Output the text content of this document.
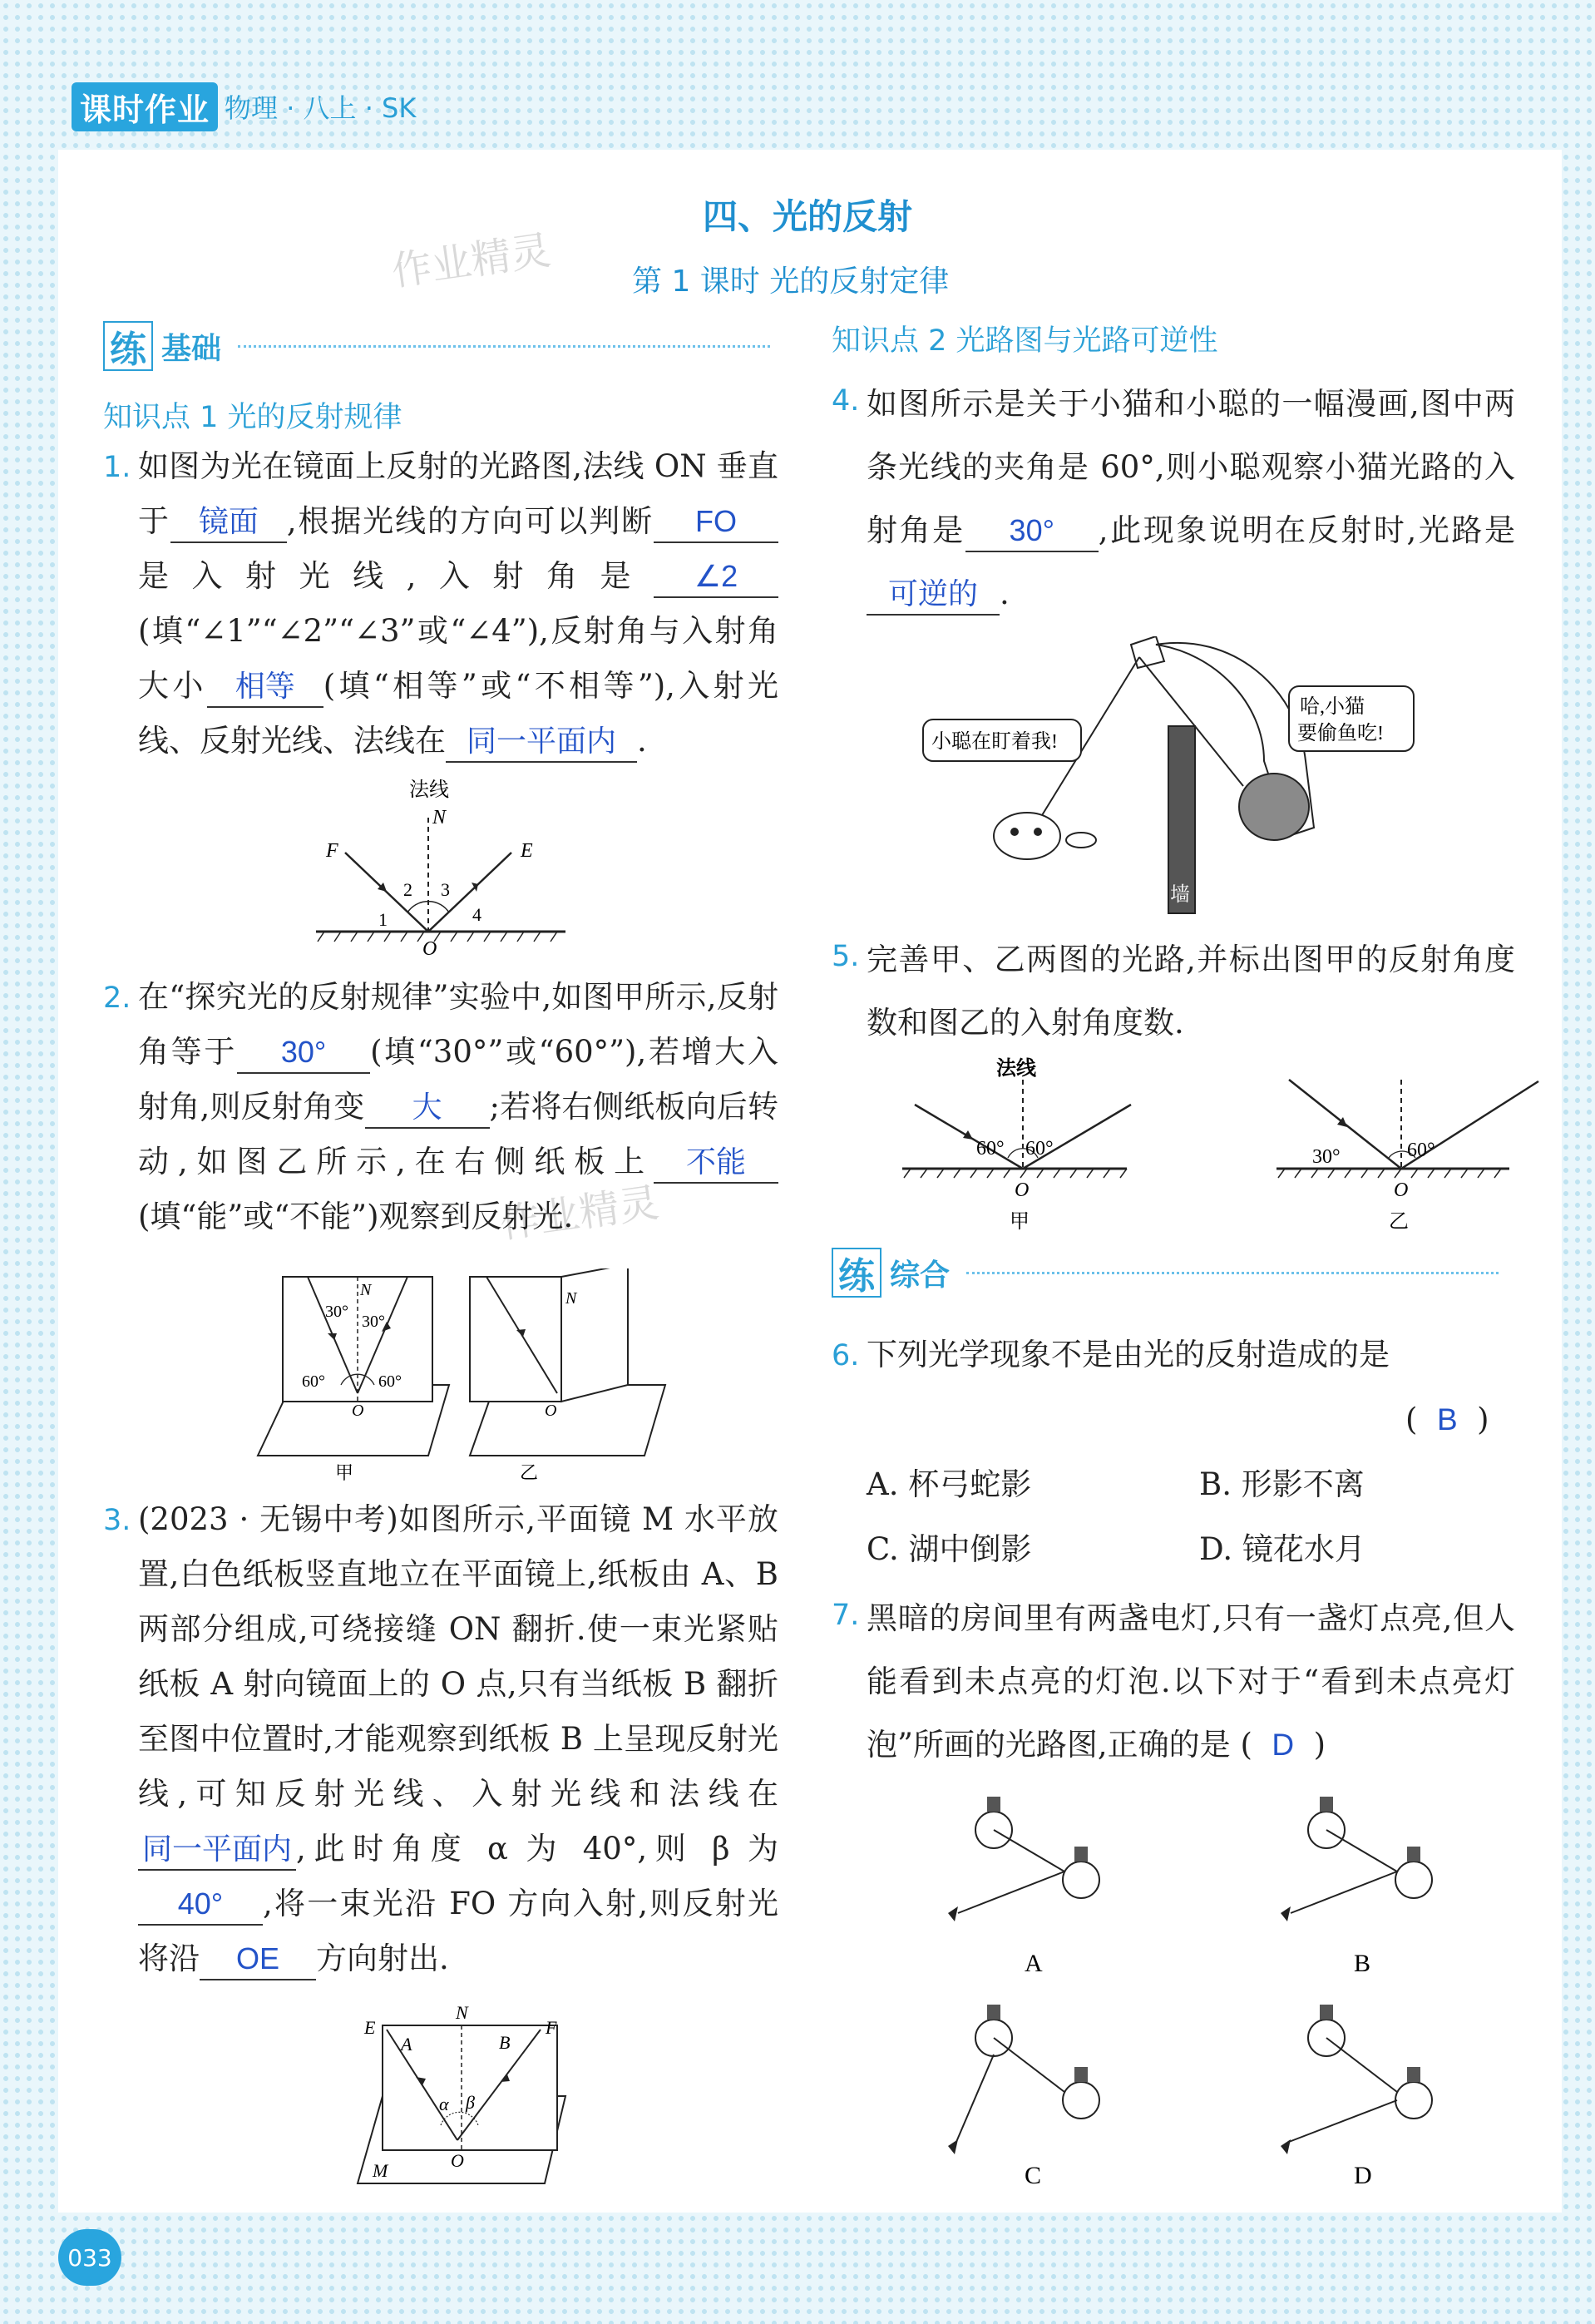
课时作业 物理 · 八上 · SK
033
四、光的反射
作业精灵
作业精灵
第 1 课时 光的反射定律
练 基础
知识点 1 光的反射规律
1. 如图为光在镜面上反射的光路图,法线 ON 垂直于 镜面 ,根据光线的方向可以判断 FO是入射光线,入射角是 ∠2(填“∠1”“∠2”“∠3”或“∠4”),反射角与入射角大小 相等 (填“相等”或“不相等”),入射光线、反射光线、法线在 同一平面内 .
法线
N
F	E
1
2 3
4
O
2. 在“探究光的反射规律”实验中,如图甲所示,反射角等于 30° (填“30°”或“60°”),若增大入射角,则反射角变 大 ;若将右侧纸板向后转动,如图乙所示,在右侧纸板上 不能(填“能”或“不能”)观察到反射光.
N
30°
30°
60°	60°
O
N
O
甲	乙
3. (2023 · 无锡中考)如图所示,平面镜 M 水平放置,白色纸板竖直地立在平面镜上,纸板由 A、B 两部分组成,可绕接缝 ON 翻折.使一束光紧贴纸板 A 射向镜面上的 O 点,只有当纸板 B 翻折至图中位置时,才能观察到纸板 B 上呈现反射光线,可知反射光线、入射光线和法线在同一平面内 ,此时角度 α 为 40°,则 β 为40° ,将一束光沿 FO 方向入射,则反射光将沿 OE 方向射出.
N
E	F
A	B
α β
O
M
知识点 2 光路图与光路可逆性
4. 如图所示是关于小猫和小聪的一幅漫画,图中两条光线的夹角是 60°,则小聪观察小猫光路的入射角是 30° ,此现象说明在反射时,光路是可逆的 .
墙
小聪在盯着我!
哈,小猫
要偷鱼吃!
5. 完善甲、乙两图的光路,并标出图甲的反射角度数和图乙的入射角度数.
法线
60° 60°
O
甲
30°	60°
O
乙
练 综合
6. 下列光学现象不是由光的反射造成的是
(  B  )
A. 杯弓蛇影	B. 形影不离
C. 湖中倒影	D. 镜花水月
7. 黑暗的房间里有两盏电灯,只有一盏灯点亮,但人能看到未点亮的灯泡.以下对于“看到未点亮灯泡”所画的光路图,正确的是 (  D  )
A	B
C	D
